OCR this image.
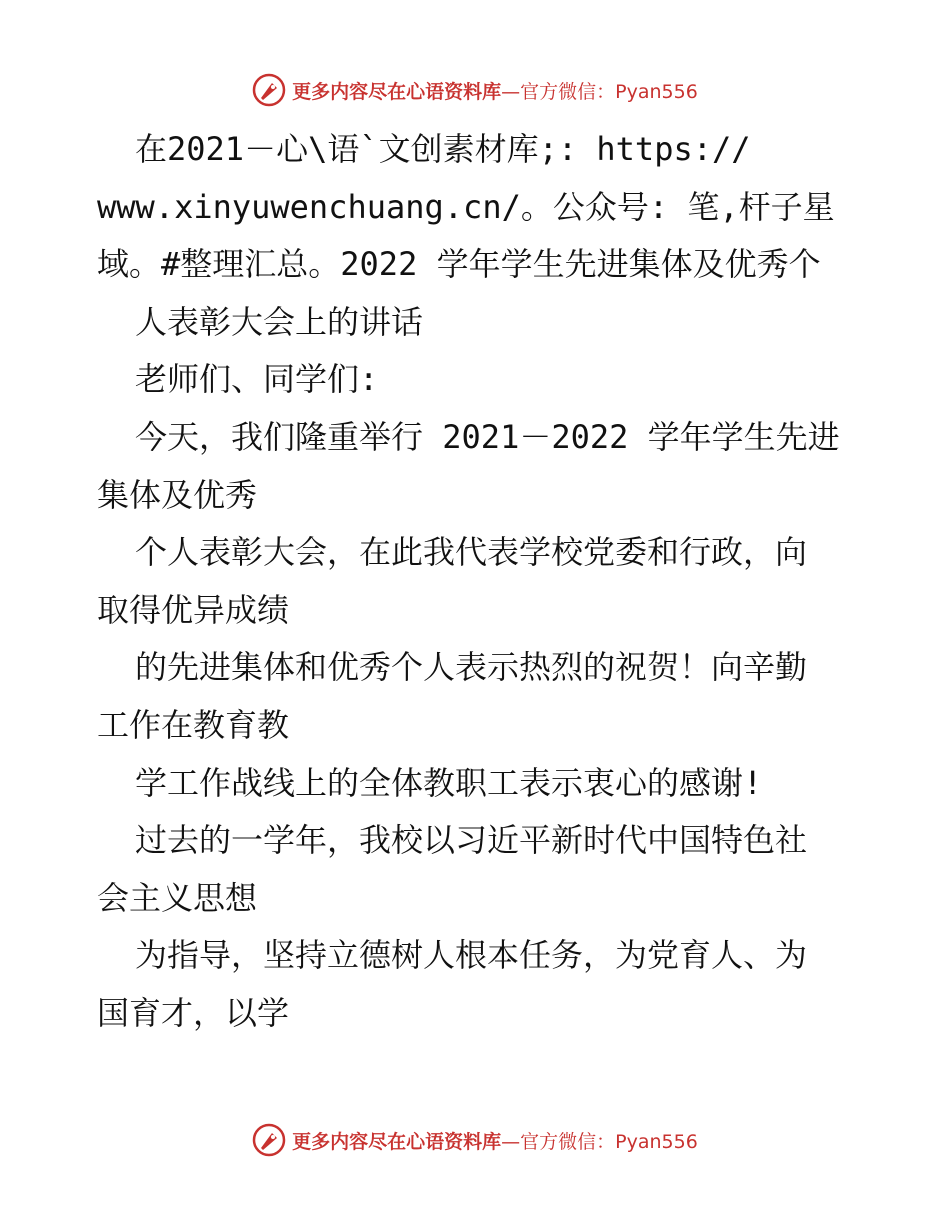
更多内容尽在心语资料库 —官方微信：Pyan556
在2021－心\语`文创素材库;: https://
www.xinyuwenchuang.cn/。公众号: 笔,杆子星
域。#整理汇总。2022 学年学生先进集体及优秀个
人表彰大会上的讲话
老师们、同学们:
今天，我们隆重举行 2021－2022 学年学生先进
集体及优秀
个人表彰大会，在此我代表学校党委和行政，向
取得优异成绩
的先进集体和优秀个人表示热烈的祝贺！向辛勤
工作在教育教
学工作战线上的全体教职工表示衷心的感谢!
过去的一学年，我校以习近平新时代中国特色社
会主义思想
为指导，坚持立德树人根本任务，为党育人、为
国育才，以学
更多内容尽在心语资料库 —官方微信：Pyan556
